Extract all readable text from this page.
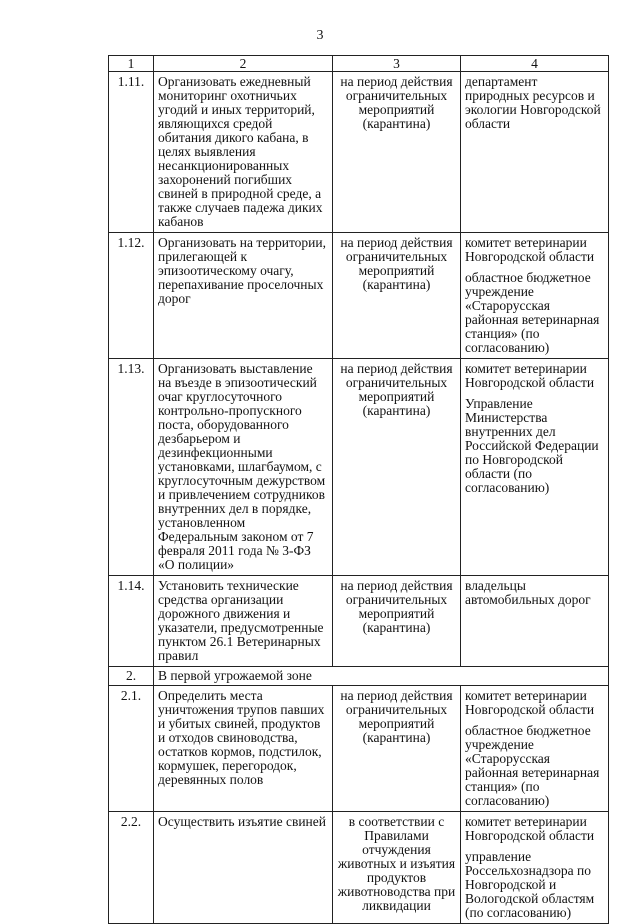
3
1	2	3	4
1.11.	Организовать ежедневный мониторинг охотничьих угодий и иных территорий, являющихся средой обитания дикого кабана, в целях выявления несанкционированных захоронений погибших свиней в природной среде, а также случаев падежа диких кабанов	на период действия ограничительных мероприятий (карантина)	департамент природных ресурсов и экологии Новгородской области

1.12.	Организовать на территории, прилегающей к эпизоотическому очагу, перепахивание проселочных дорог	на период действия ограничительных мероприятий (карантина)	комитет ветеринарии Новгородской области
областное бюджетное учреждение «Старорусская районная ветеринарная станция» (по согласованию)

1.13.	Организовать выставление на въезде в эпизоотический очаг круглосуточного контрольно-пропускного поста, оборудованного дезбарьером и дезинфекционными установками, шлагбаумом, с круглосуточным дежурством и привлечением сотрудников внутренних дел в порядке, установленном Федеральным законом от 7 февраля 2011 года № 3-ФЗ «О полиции»	на период действия ограничительных мероприятий (карантина)	комитет ветеринарии Новгородской области
Управление Министерства внутренних дел Российской Федерации по Новгородской области (по согласованию)

1.14.	Установить технические средства организации дорожного движения и указатели, предусмотренные пунктом 26.1 Ветеринарных правил	на период действия ограничительных мероприятий (карантина)	владельцы автомобильных дорог

2.	В первой угрожаемой зоне		
2.1.	Определить места уничтожения трупов павших и убитых свиней, продуктов и отходов свиноводства, остатков кормов, подстилок, кормушек, перегородок, деревянных полов	на период действия ограничительных мероприятий (карантина)	комитет ветеринарии Новгородской области
областное бюджетное учреждение «Старорусская районная ветеринарная станция» (по согласованию)

2.2.	Осуществить изъятие свиней	в соответствии с Правилами отчуждения животных и изъятия продуктов животноводства при ликвидации	комитет ветеринарии Новгородской области
управление Россельхознадзора по Новгородской и Вологодской областям (по согласованию)
